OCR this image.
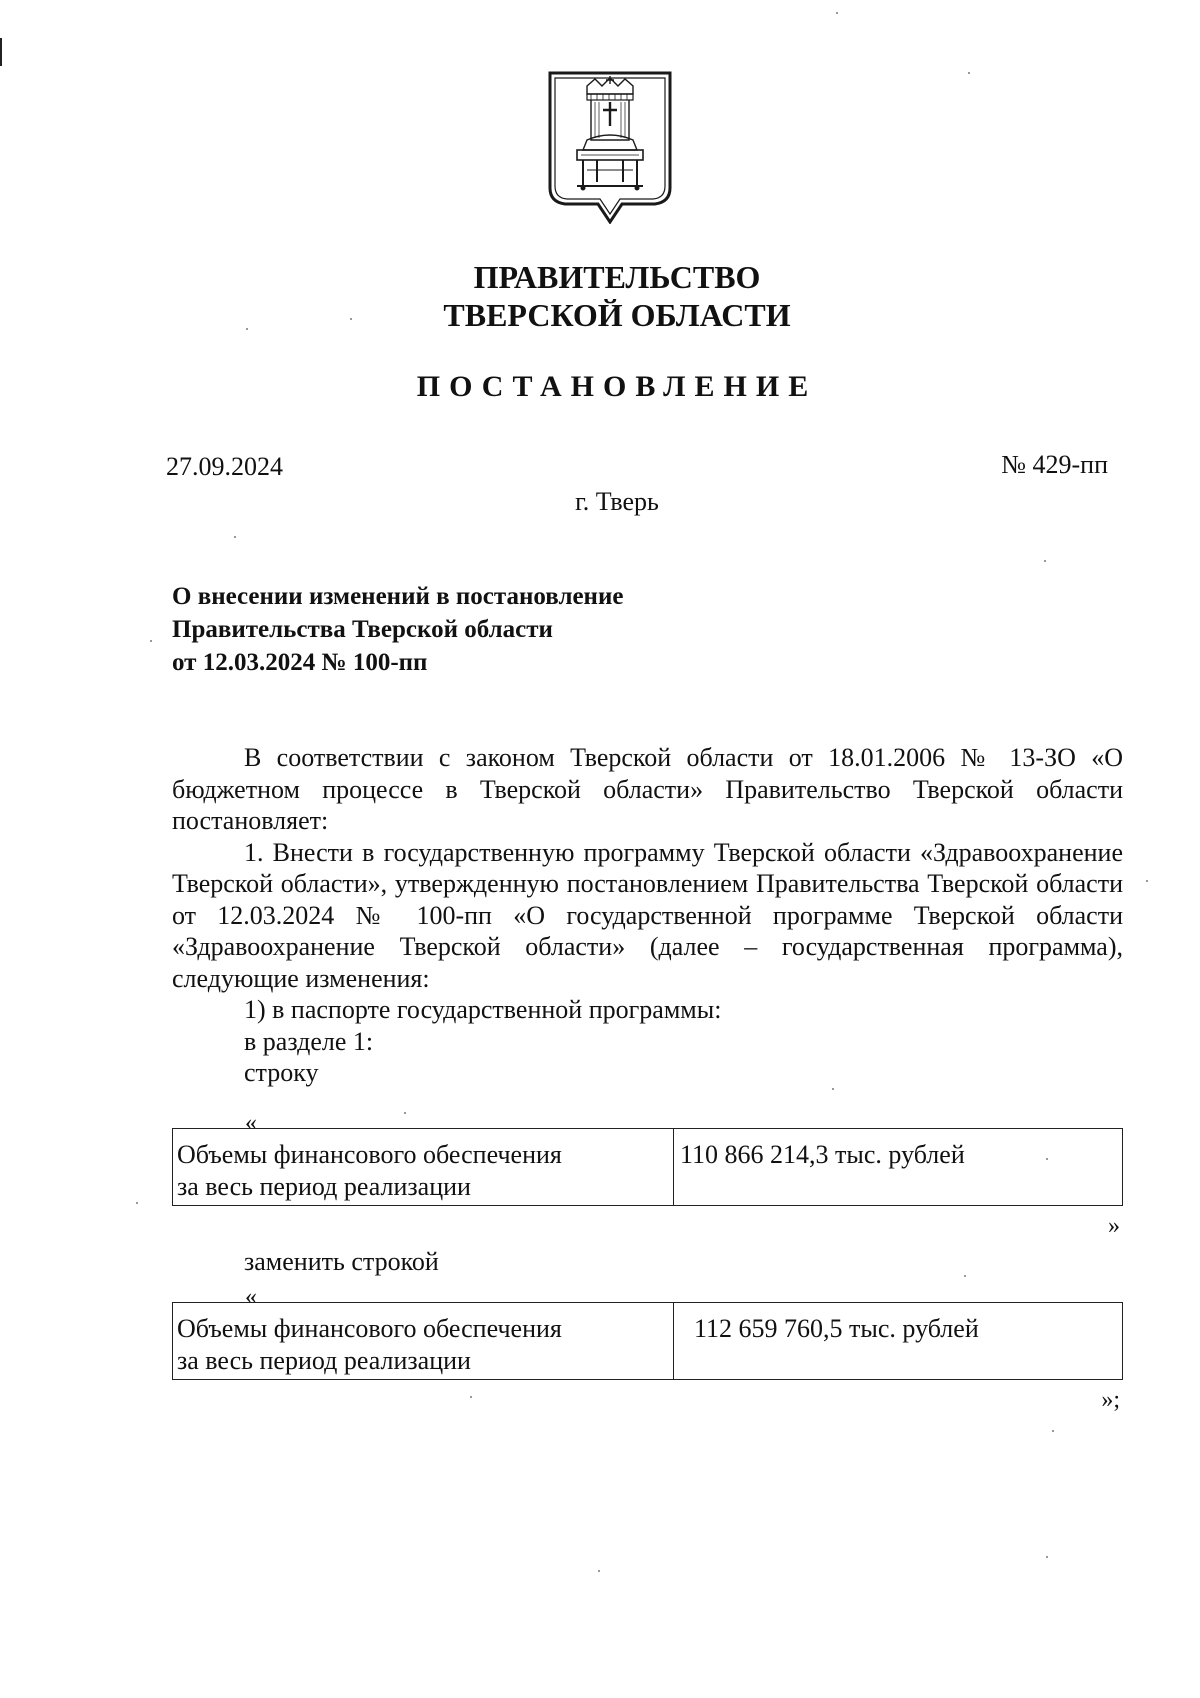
ПРАВИТЕЛЬСТВО
ТВЕРСКОЙ ОБЛАСТИ
ПОСТАНОВЛЕНИЕ
27.09.2024	№ 429-пп
г. Тверь
О внесении изменений в постановление
Правительства Тверской области
от 12.03.2024 № 100-пп

В соответствии с законом Тверской области от 18.01.2006 № 13-ЗО «О бюджетном процессе в Тверской области» Правительство Тверской области постановляет:

1. Внести в государственную программу Тверской области «Здравоохранение Тверской области», утвержденную постановлением Правительства Тверской области от 12.03.2024 № 100-пп «О государственной программе Тверской области «Здравоохранение Тверской области» (далее – государственная программа), следующие изменения:

1) в паспорте государственной программы:
в разделе 1:
строку
«
Объемы финансового обеспечения
за весь период реализации
	110 866 214,3 тыс. рублей
»
заменить строкой
«
Объемы финансового обеспечения
за весь период реализации
	112 659 760,5 тыс. рублей
»;
